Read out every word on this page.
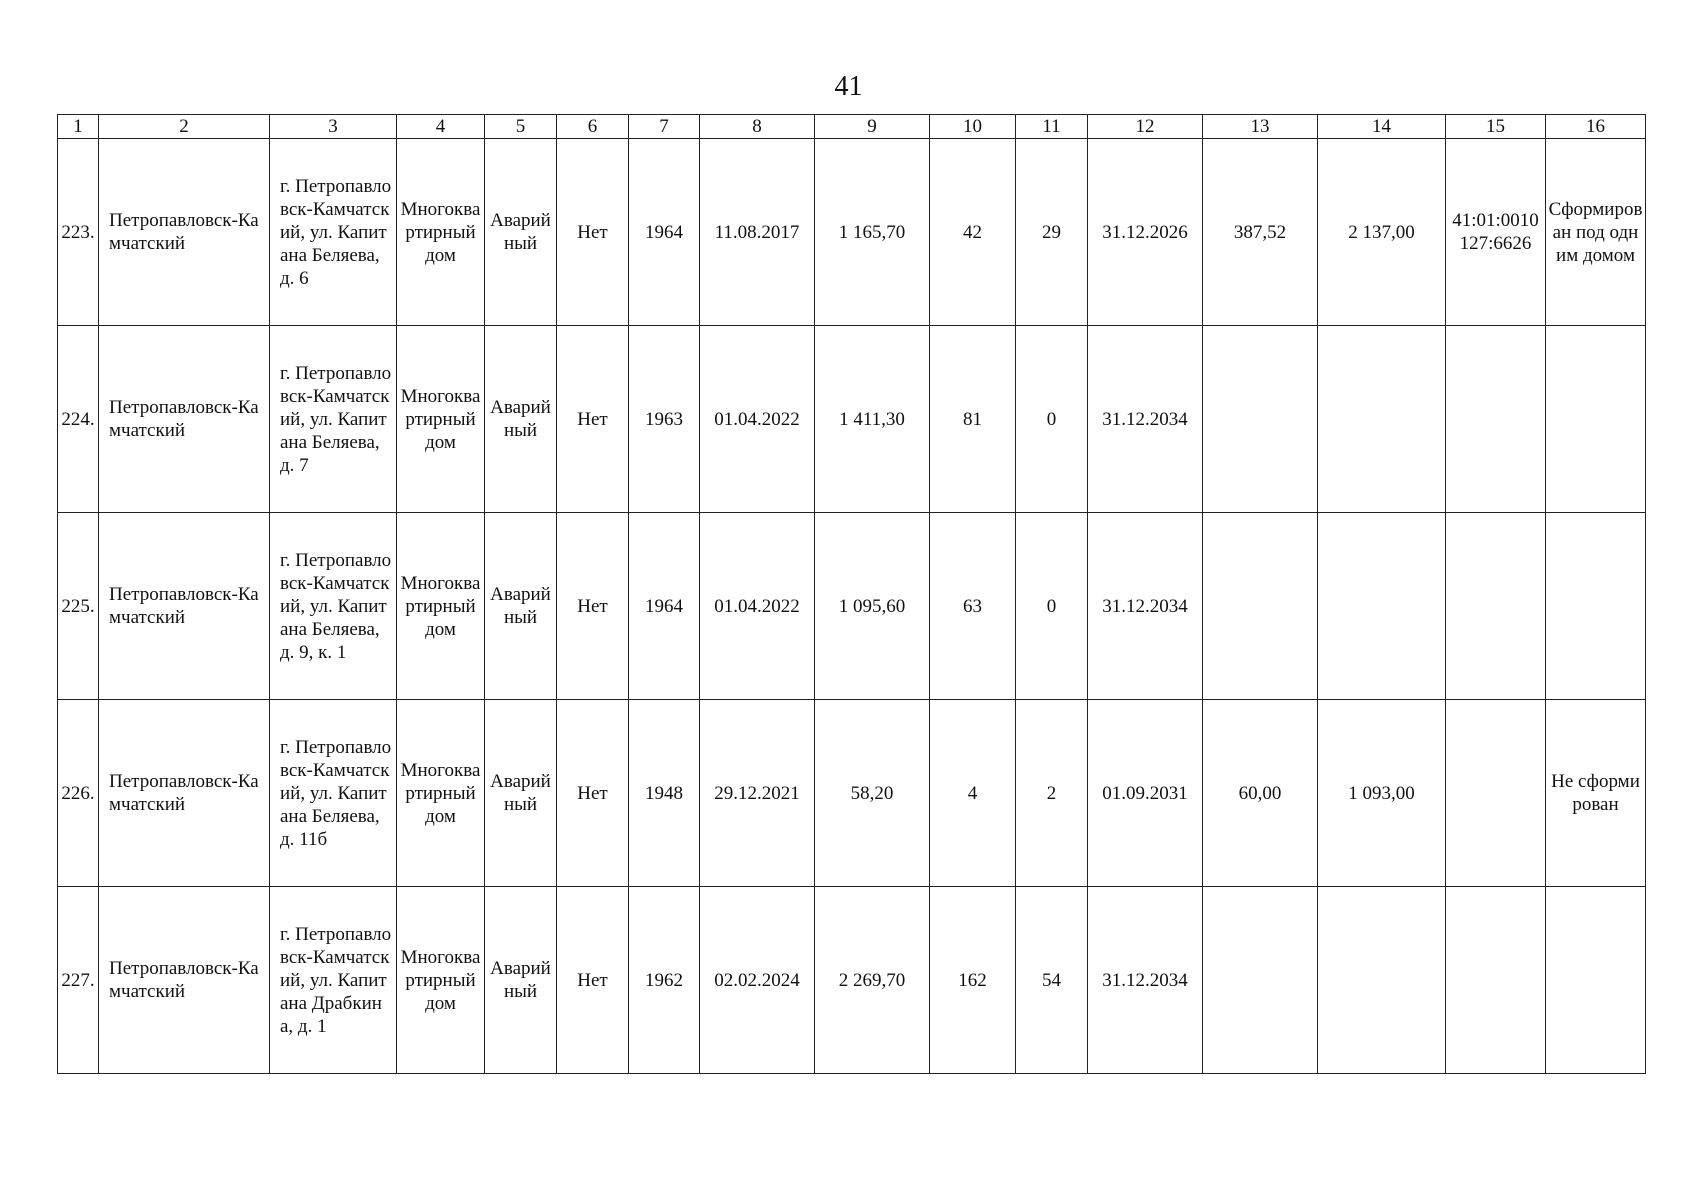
41
1	2	3	4	5	6	7	8	9	10	11	12	13	14	15	16
223.	Петропавловск-Камчатский	г. Петропавловск-Камчатский, ул. Капитана Беляева, д. 6	Многоквартирный дом	Аварийный	Нет	1964	11.08.2017	1 165,70	42	29	31.12.2026	387,52	2 137,00	41:01:0010127:6626	Сформирован под одним домом
224.	Петропавловск-Камчатский	г. Петропавловск-Камчатский, ул. Капитана Беляева, д. 7	Многоквартирный дом	Аварийный	Нет	1963	01.04.2022	1 411,30	81	0	31.12.2034				
225.	Петропавловск-Камчатский	г. Петропавловск-Камчатский, ул. Капитана Беляева, д. 9, к. 1	Многоквартирный дом	Аварийный	Нет	1964	01.04.2022	1 095,60	63	0	31.12.2034				
226.	Петропавловск-Камчатский	г. Петропавловск-Камчатский, ул. Капитана Беляева, д. 11б	Многоквартирный дом	Аварийный	Нет	1948	29.12.2021	58,20	4	2	01.09.2031	60,00	1 093,00		Не сформирован
227.	Петропавловск-Камчатский	г. Петропавловск-Камчатский, ул. Капитана Драбкина, д. 1	Многоквартирный дом	Аварийный	Нет	1962	02.02.2024	2 269,70	162	54	31.12.2034				
